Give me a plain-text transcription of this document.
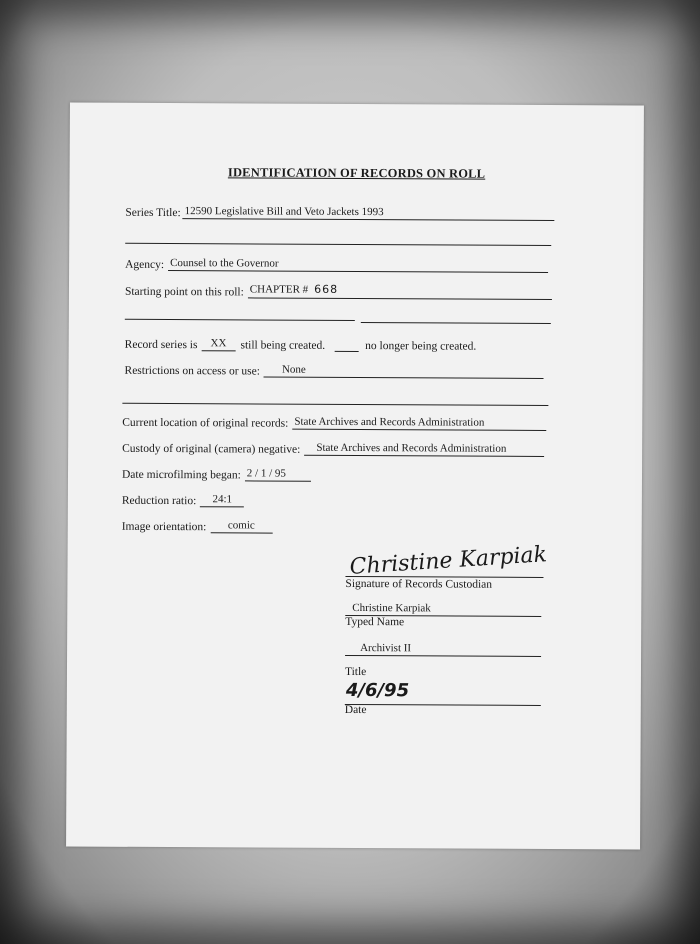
IDENTIFICATION OF RECORDS ON ROLL
Series Title: 12590 Legislative Bill and Veto Jackets 1993
Agency: Counsel to the Governor
Starting point on this roll: CHAPTER # 668
Record series is	XX	still being created.	no longer being created.
Restrictions on access or use:	None
Current location of original records: State Archives and Records Administration
Custody of original (camera) negative:	State Archives and Records Administration
Date microfilming began: 2 / 1 / 95
Reduction ratio:	24:1
Image orientation:	comic
Christine Karpiak
Signature of Records Custodian
Christine Karpiak
Typed Name
Archivist II
Title
4/6/95
Date
